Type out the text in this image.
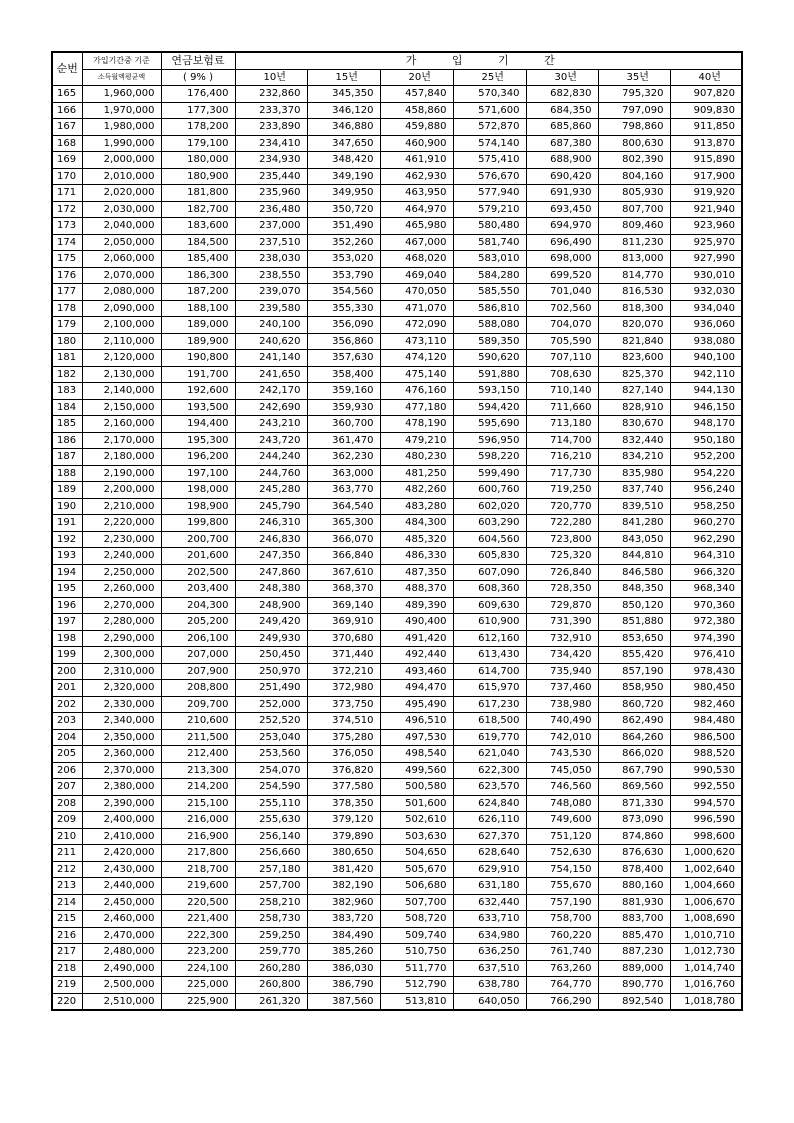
순번	가입기간중 기준	연금보험료	가 입 기 간						
	소득월액평균액	( 9% )	10년	15년	20년	25년	30년	35년	40년
165	1,960,000	176,400	232,860	345,350	457,840	570,340	682,830	795,320	907,820
166	1,970,000	177,300	233,370	346,120	458,860	571,600	684,350	797,090	909,830
167	1,980,000	178,200	233,890	346,880	459,880	572,870	685,860	798,860	911,850
168	1,990,000	179,100	234,410	347,650	460,900	574,140	687,380	800,630	913,870
169	2,000,000	180,000	234,930	348,420	461,910	575,410	688,900	802,390	915,890
170	2,010,000	180,900	235,440	349,190	462,930	576,670	690,420	804,160	917,900
171	2,020,000	181,800	235,960	349,950	463,950	577,940	691,930	805,930	919,920
172	2,030,000	182,700	236,480	350,720	464,970	579,210	693,450	807,700	921,940
173	2,040,000	183,600	237,000	351,490	465,980	580,480	694,970	809,460	923,960
174	2,050,000	184,500	237,510	352,260	467,000	581,740	696,490	811,230	925,970
175	2,060,000	185,400	238,030	353,020	468,020	583,010	698,000	813,000	927,990
176	2,070,000	186,300	238,550	353,790	469,040	584,280	699,520	814,770	930,010
177	2,080,000	187,200	239,070	354,560	470,050	585,550	701,040	816,530	932,030
178	2,090,000	188,100	239,580	355,330	471,070	586,810	702,560	818,300	934,040
179	2,100,000	189,000	240,100	356,090	472,090	588,080	704,070	820,070	936,060
180	2,110,000	189,900	240,620	356,860	473,110	589,350	705,590	821,840	938,080
181	2,120,000	190,800	241,140	357,630	474,120	590,620	707,110	823,600	940,100
182	2,130,000	191,700	241,650	358,400	475,140	591,880	708,630	825,370	942,110
183	2,140,000	192,600	242,170	359,160	476,160	593,150	710,140	827,140	944,130
184	2,150,000	193,500	242,690	359,930	477,180	594,420	711,660	828,910	946,150
185	2,160,000	194,400	243,210	360,700	478,190	595,690	713,180	830,670	948,170
186	2,170,000	195,300	243,720	361,470	479,210	596,950	714,700	832,440	950,180
187	2,180,000	196,200	244,240	362,230	480,230	598,220	716,210	834,210	952,200
188	2,190,000	197,100	244,760	363,000	481,250	599,490	717,730	835,980	954,220
189	2,200,000	198,000	245,280	363,770	482,260	600,760	719,250	837,740	956,240
190	2,210,000	198,900	245,790	364,540	483,280	602,020	720,770	839,510	958,250
191	2,220,000	199,800	246,310	365,300	484,300	603,290	722,280	841,280	960,270
192	2,230,000	200,700	246,830	366,070	485,320	604,560	723,800	843,050	962,290
193	2,240,000	201,600	247,350	366,840	486,330	605,830	725,320	844,810	964,310
194	2,250,000	202,500	247,860	367,610	487,350	607,090	726,840	846,580	966,320
195	2,260,000	203,400	248,380	368,370	488,370	608,360	728,350	848,350	968,340
196	2,270,000	204,300	248,900	369,140	489,390	609,630	729,870	850,120	970,360
197	2,280,000	205,200	249,420	369,910	490,400	610,900	731,390	851,880	972,380
198	2,290,000	206,100	249,930	370,680	491,420	612,160	732,910	853,650	974,390
199	2,300,000	207,000	250,450	371,440	492,440	613,430	734,420	855,420	976,410
200	2,310,000	207,900	250,970	372,210	493,460	614,700	735,940	857,190	978,430
201	2,320,000	208,800	251,490	372,980	494,470	615,970	737,460	858,950	980,450
202	2,330,000	209,700	252,000	373,750	495,490	617,230	738,980	860,720	982,460
203	2,340,000	210,600	252,520	374,510	496,510	618,500	740,490	862,490	984,480
204	2,350,000	211,500	253,040	375,280	497,530	619,770	742,010	864,260	986,500
205	2,360,000	212,400	253,560	376,050	498,540	621,040	743,530	866,020	988,520
206	2,370,000	213,300	254,070	376,820	499,560	622,300	745,050	867,790	990,530
207	2,380,000	214,200	254,590	377,580	500,580	623,570	746,560	869,560	992,550
208	2,390,000	215,100	255,110	378,350	501,600	624,840	748,080	871,330	994,570
209	2,400,000	216,000	255,630	379,120	502,610	626,110	749,600	873,090	996,590
210	2,410,000	216,900	256,140	379,890	503,630	627,370	751,120	874,860	998,600
211	2,420,000	217,800	256,660	380,650	504,650	628,640	752,630	876,630	1,000,620
212	2,430,000	218,700	257,180	381,420	505,670	629,910	754,150	878,400	1,002,640
213	2,440,000	219,600	257,700	382,190	506,680	631,180	755,670	880,160	1,004,660
214	2,450,000	220,500	258,210	382,960	507,700	632,440	757,190	881,930	1,006,670
215	2,460,000	221,400	258,730	383,720	508,720	633,710	758,700	883,700	1,008,690
216	2,470,000	222,300	259,250	384,490	509,740	634,980	760,220	885,470	1,010,710
217	2,480,000	223,200	259,770	385,260	510,750	636,250	761,740	887,230	1,012,730
218	2,490,000	224,100	260,280	386,030	511,770	637,510	763,260	889,000	1,014,740
219	2,500,000	225,000	260,800	386,790	512,790	638,780	764,770	890,770	1,016,760
220	2,510,000	225,900	261,320	387,560	513,810	640,050	766,290	892,540	1,018,780
